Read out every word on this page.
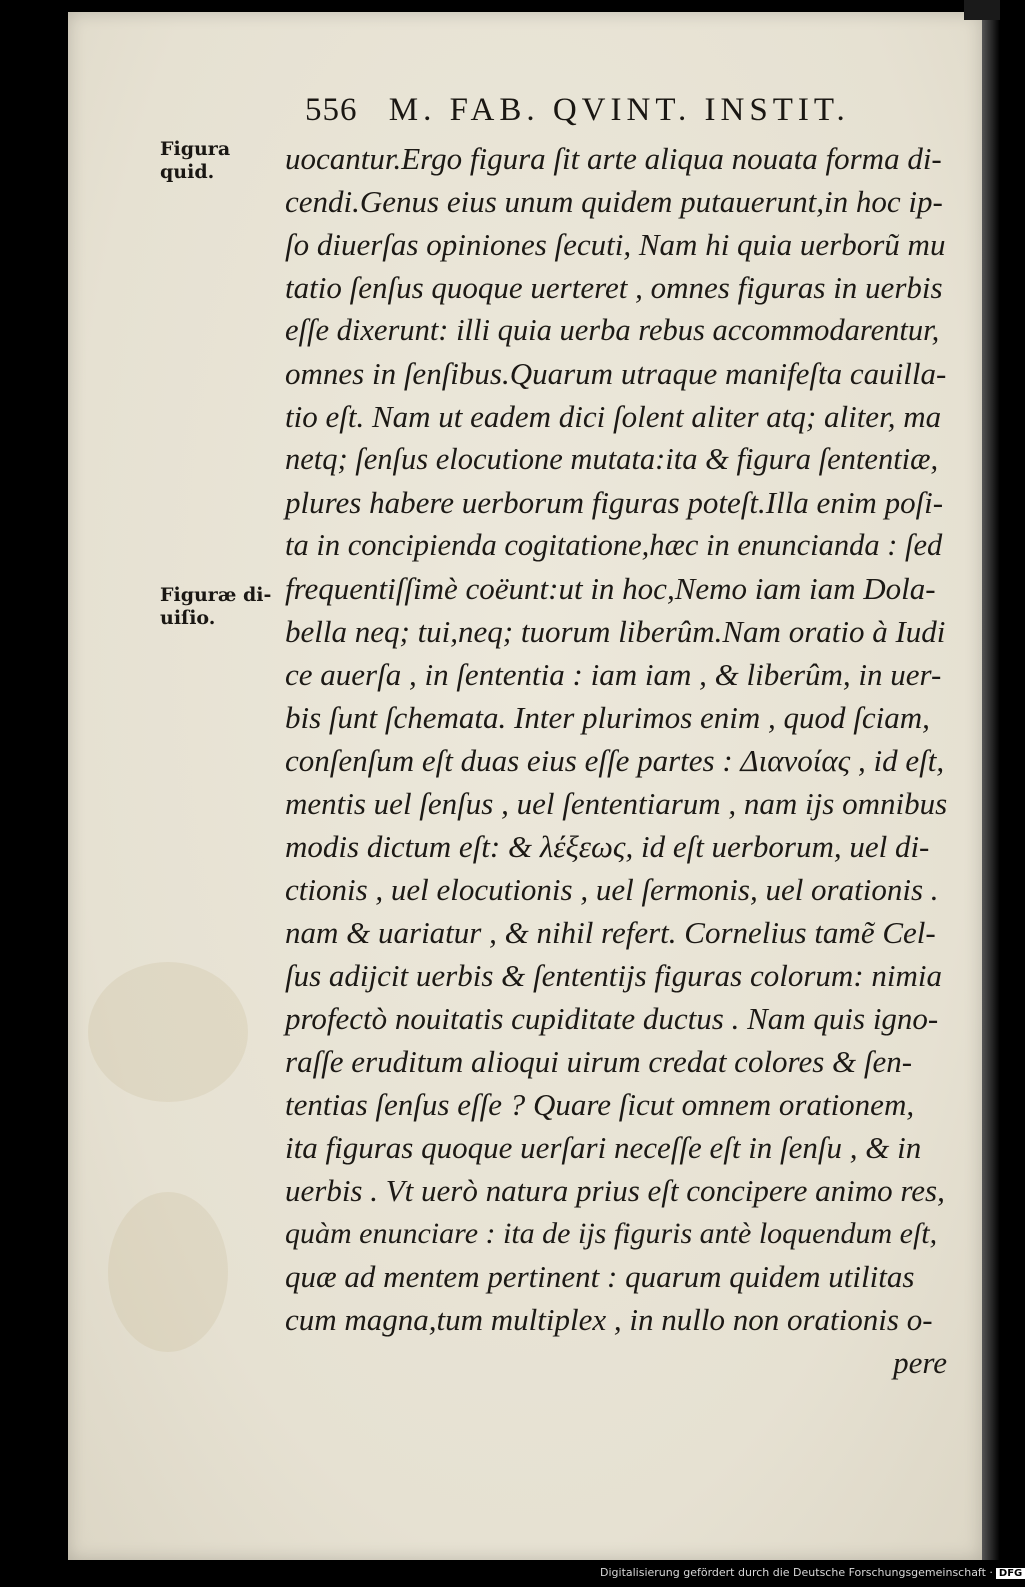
556 M. FAB. QVINT. INSTIT.
Figura
quid.
Figuræ di-
uiſio.
uocantur.Ergo figura ſit arte aliqua nouata forma di-
cendi.Genus eius unum quidem putauerunt,in hoc ip-
ſo diuerſas opiniones ſecuti, Nam hi quia uerborũ mu
tatio ſenſus quoque uerteret , omnes figuras in uerbis
eſſe dixerunt: illi quia uerba rebus accommodarentur,
omnes in ſenſibus.Quarum utraque manifeſta cauilla-
tio eſt. Nam ut eadem dici ſolent aliter atq; aliter, ma
netq; ſenſus elocutione mutata:ita & figura ſententiæ,
plures habere uerborum figuras poteſt.Illa enim poſi-
ta in concipienda cogitatione,hæc in enuncianda : ſed
frequentiſſimè coëunt:ut in hoc,Nemo iam iam Dola-
bella neq; tui,neq; tuorum liberûm.Nam oratio à Iudi
ce auerſa , in ſententia : iam iam , & liberûm, in uer-
bis ſunt ſchemata. Inter plurimos enim , quod ſciam,
conſenſum eſt duas eius eſſe partes : Διανοίας , id eſt,
mentis uel ſenſus , uel ſententiarum , nam ijs omnibus
modis dictum eſt: & λέξεως, id eſt uerborum, uel di-
ctionis , uel elocutionis , uel ſermonis, uel orationis .
nam & uariatur , & nihil refert. Cornelius tamẽ Cel-
ſus adijcit uerbis & ſententijs figuras colorum: nimia
profectò nouitatis cupiditate ductus . Nam quis igno-
raſſe eruditum alioqui uirum credat colores & ſen-
tentias ſenſus eſſe ? Quare ſicut omnem orationem,
ita figuras quoque uerſari neceſſe eſt in ſenſu , & in
uerbis . Vt uerò natura prius eſt concipere animo res,
quàm enunciare : ita de ijs figuris antè loquendum eſt,
quæ ad mentem pertinent : quarum quidem utilitas
cum magna,tum multiplex , in nullo non orationis o-
pere
Digitalisierung gefördert durch die Deutsche Forschungsgemeinschaft · DFG
